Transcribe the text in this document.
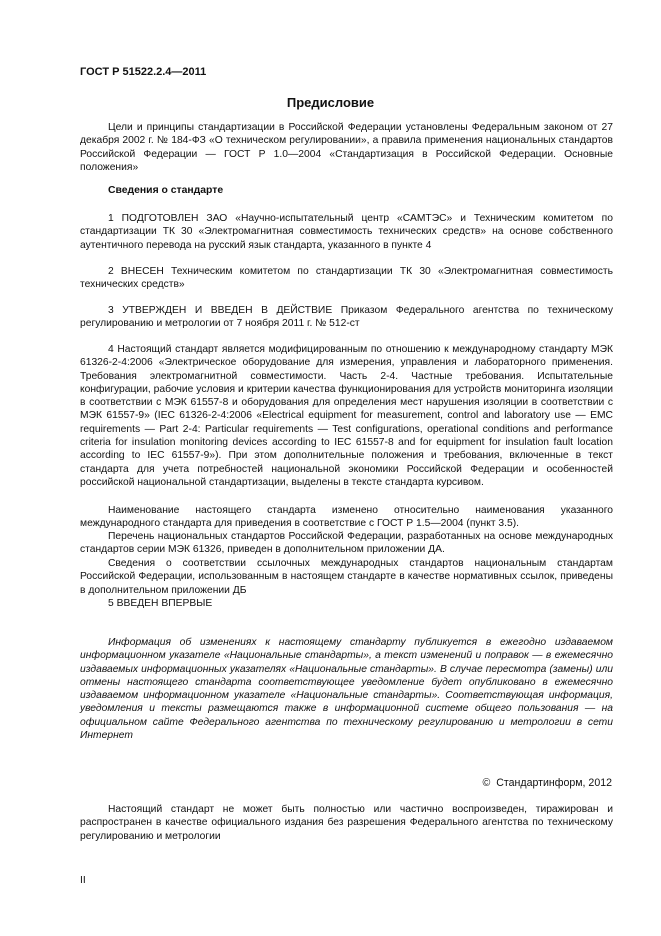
ГОСТ Р 51522.2.4—2011
Предисловие

Цели и принципы стандартизации в Российской Федерации установлены Федеральным законом от 27 декабря 2002 г. № 184-ФЗ «О техническом регулировании», а правила применения национальных стандартов Российской Федерации — ГОСТ Р 1.0—2004 «Стандартизация в Российской Федерации. Основные положения»

Сведения о стандарте

1 ПОДГОТОВЛЕН ЗАО «Научно-испытательный центр «САМТЭС» и Техническим комитетом по стандартизации ТК 30 «Электромагнитная совместимость технических средств» на основе собственного аутентичного перевода на русский язык стандарта, указанного в пункте 4

2 ВНЕСЕН Техническим комитетом по стандартизации ТК 30 «Электромагнитная совместимость технических средств»

3 УТВЕРЖДЕН И ВВЕДЕН В ДЕЙСТВИЕ Приказом Федерального агентства по техническому регулированию и метрологии от 7 ноября 2011 г. № 512-ст

4 Настоящий стандарт является модифицированным по отношению к международному стандарту МЭК 61326-2-4:2006 «Электрическое оборудование для измерения, управления и лабораторного применения. Требования электромагнитной совместимости. Часть 2-4. Частные требования. Испытательные конфигурации, рабочие условия и критерии качества функционирования для устройств мониторинга изоляции в соответствии с МЭК 61557-8 и оборудования для определения мест нарушения изоляции в соответствии с МЭК 61557-9» (IEC 61326-2-4:2006 «Electrical equipment for measurement, control and laboratory use — EMC requirements — Part 2-4: Particular requirements — Test configurations, operational conditions and performance criteria for insulation monitoring devices according to IEC 61557-8 and for equipment for insulation fault location according to IEC 61557-9»). При этом дополнительные положения и требования, включенные в текст стандарта для учета потребностей национальной экономики Российской Федерации и особенностей российской национальной стандартизации, выделены в тексте стандарта курсивом.

Наименование настоящего стандарта изменено относительно наименования указанного международного стандарта для приведения в соответствие с ГОСТ Р 1.5—2004 (пункт 3.5).

Перечень национальных стандартов Российской Федерации, разработанных на основе международных стандартов серии МЭК 61326, приведен в дополнительном приложении ДА.

Сведения о соответствии ссылочных международных стандартов национальным стандартам Российской Федерации, использованным в настоящем стандарте в качестве нормативных ссылок, приведены в дополнительном приложении ДБ

5 ВВЕДЕН ВПЕРВЫЕ

Информация об изменениях к настоящему стандарту публикуется в ежегодно издаваемом информационном указателе «Национальные стандарты», а текст изменений и поправок — в ежемесячно издаваемых информационных указателях «Национальные стандарты». В случае пересмотра (замены) или отмены настоящего стандарта соответствующее уведомление будет опубликовано в ежемесячно издаваемом информационном указателе «Национальные стандарты». Соответствующая информация, уведомления и тексты размещаются также в информационной системе общего пользования — на официальном сайте Федерального агентства по техническому регулированию и метрологии в сети Интернет

© Стандартинформ, 2012

Настоящий стандарт не может быть полностью или частично воспроизведен, тиражирован и распространен в качестве официального издания без разрешения Федерального агентства по техническому регулированию и метрологии

II
